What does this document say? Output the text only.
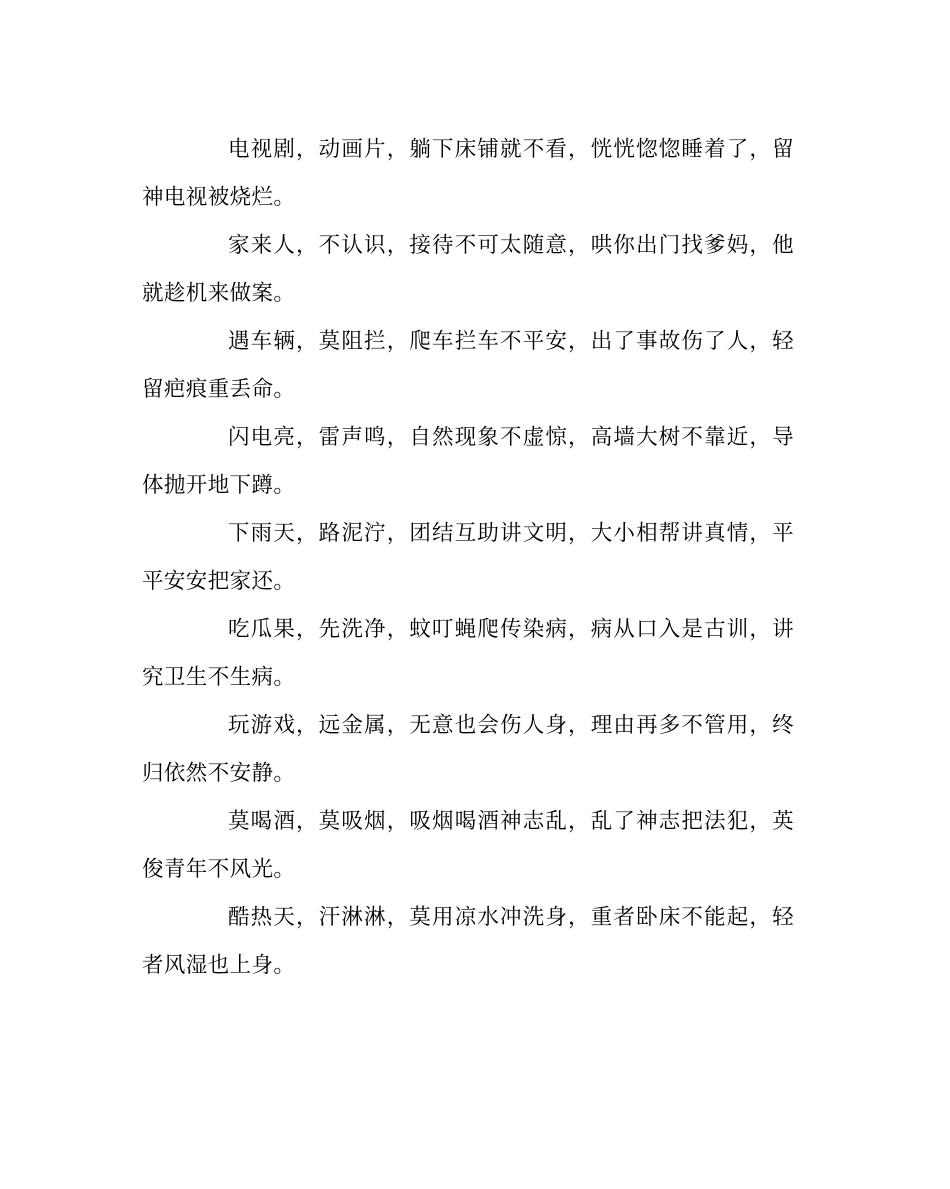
电视剧，动画片，躺下床铺就不看，恍恍惚惚睡着了，留神电视被烧烂。

家来人，不认识，接待不可太随意，哄你出门找爹妈，他就趁机来做案。

遇车辆，莫阻拦，爬车拦车不平安，出了事故伤了人，轻留疤痕重丢命。

闪电亮，雷声鸣，自然现象不虚惊，高墙大树不靠近，导体抛开地下蹲。

下雨天，路泥泞，团结互助讲文明，大小相帮讲真情，平平安安把家还。

吃瓜果，先洗净，蚊叮蝇爬传染病，病从口入是古训，讲究卫生不生病。

玩游戏，远金属，无意也会伤人身，理由再多不管用，终归依然不安静。

莫喝酒，莫吸烟，吸烟喝酒神志乱，乱了神志把法犯，英俊青年不风光。

酷热天，汗淋淋，莫用凉水冲洗身，重者卧床不能起，轻者风湿也上身。
